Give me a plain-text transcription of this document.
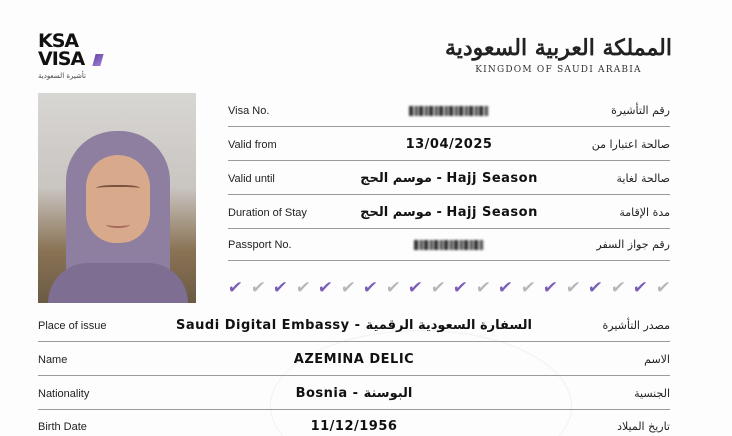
KSA
VISA
تأشيرة السعودية
المملكة العربية السعودية
KINGDOM OF SAUDI ARABIA
Visa No.	رقم التأشيرة
Valid from	13/04/2025	صالحة اعتبارا من
Valid until	موسم الحج - Hajj Season	صالحة لغاية
Duration of Stay	موسم الحج - Hajj Season	مدة الإقامة
Passport No.	رقم جواز السفر
✔ ✔ ✔ ✔ ✔ ✔ ✔ ✔ ✔ ✔ ✔ ✔ ✔ ✔ ✔ ✔ ✔ ✔ ✔ ✔
Place of issue	Saudi Digital Embassy - السفارة السعودية الرقمية	مصدر التأشيرة
Name	AZEMINA DELIC	الاسم
Nationality	Bosnia - البوسنة	الجنسية
Birth Date	11/12/1956	تاريخ الميلاد
